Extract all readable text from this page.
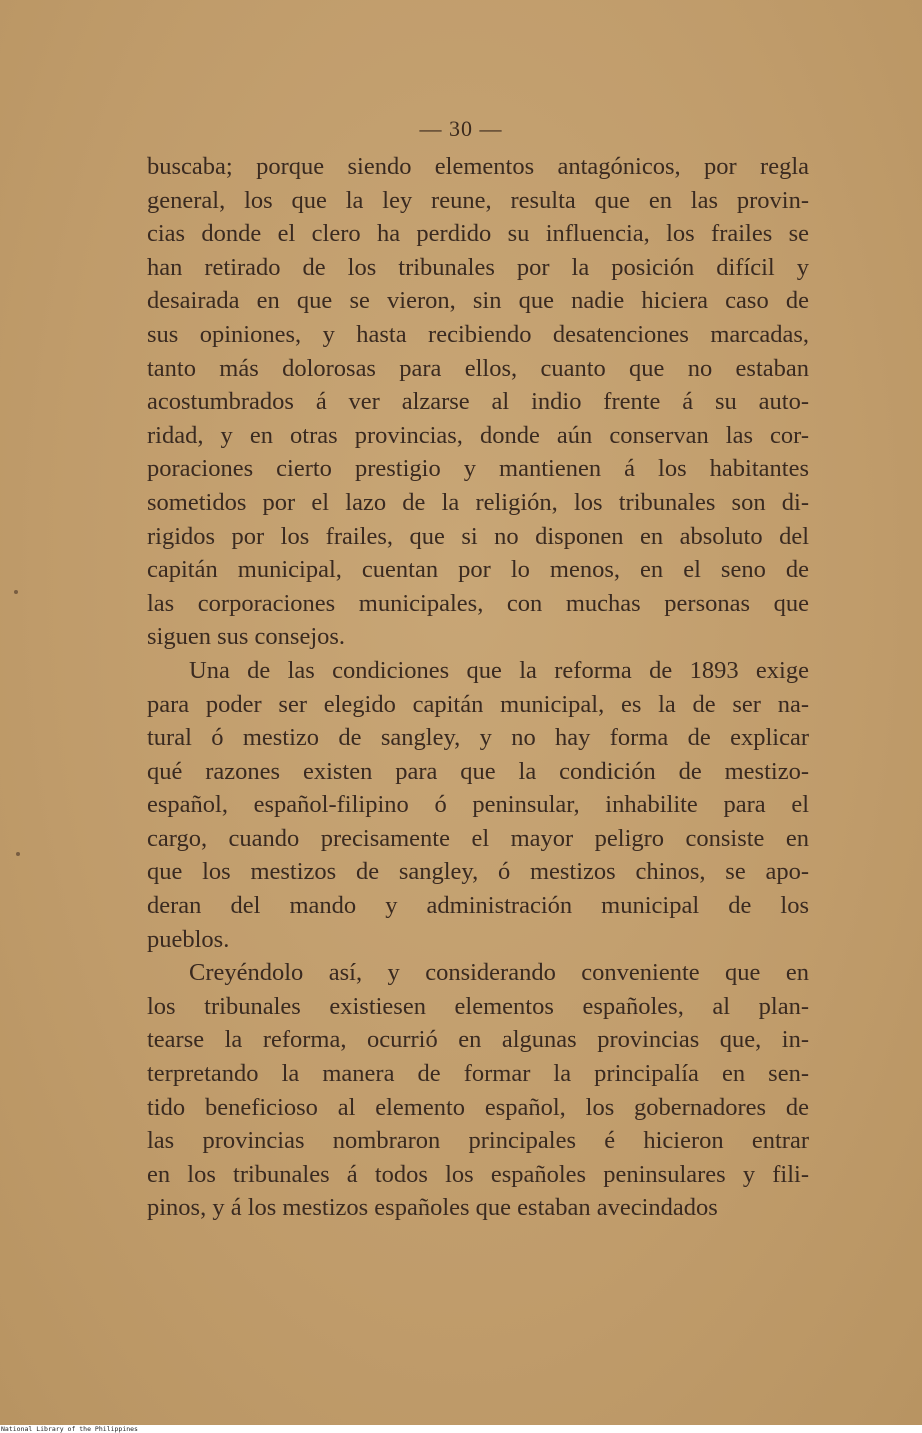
— 30 —
buscaba; porque siendo elementos antagónicos, por regla
general, los que la ley reune, resulta que en las provin-
cias donde el clero ha perdido su influencia, los frailes se
han retirado de los tribunales por la posición difícil y
desairada en que se vieron, sin que nadie hiciera caso de
sus opiniones, y hasta recibiendo desatenciones marcadas,
tanto más dolorosas para ellos, cuanto que no estaban
acostumbrados á ver alzarse al indio frente á su auto-
ridad, y en otras provincias, donde aún conservan las cor-
poraciones cierto prestigio y mantienen á los habitantes
sometidos por el lazo de la religión, los tribunales son di-
rigidos por los frailes, que si no disponen en absoluto del
capitán municipal, cuentan por lo menos, en el seno de
las corporaciones municipales, con muchas personas que
siguen sus consejos.
Una de las condiciones que la reforma de 1893 exige
para poder ser elegido capitán municipal, es la de ser na-
tural ó mestizo de sangley, y no hay forma de explicar
qué razones existen para que la condición de mestizo-
español, español-filipino ó peninsular, inhabilite para el
cargo, cuando precisamente el mayor peligro consiste en
que los mestizos de sangley, ó mestizos chinos, se apo-
deran del mando y administración municipal de los
pueblos.
Creyéndolo así, y considerando conveniente que en
los tribunales existiesen elementos españoles, al plan-
tearse la reforma, ocurrió en algunas provincias que, in-
terpretando la manera de formar la principalía en sen-
tido beneficioso al elemento español, los gobernadores de
las provincias nombraron principales é hicieron entrar
en los tribunales á todos los españoles peninsulares y fili-
pinos, y á los mestizos españoles que estaban avecindados
National Library of the Philippines
